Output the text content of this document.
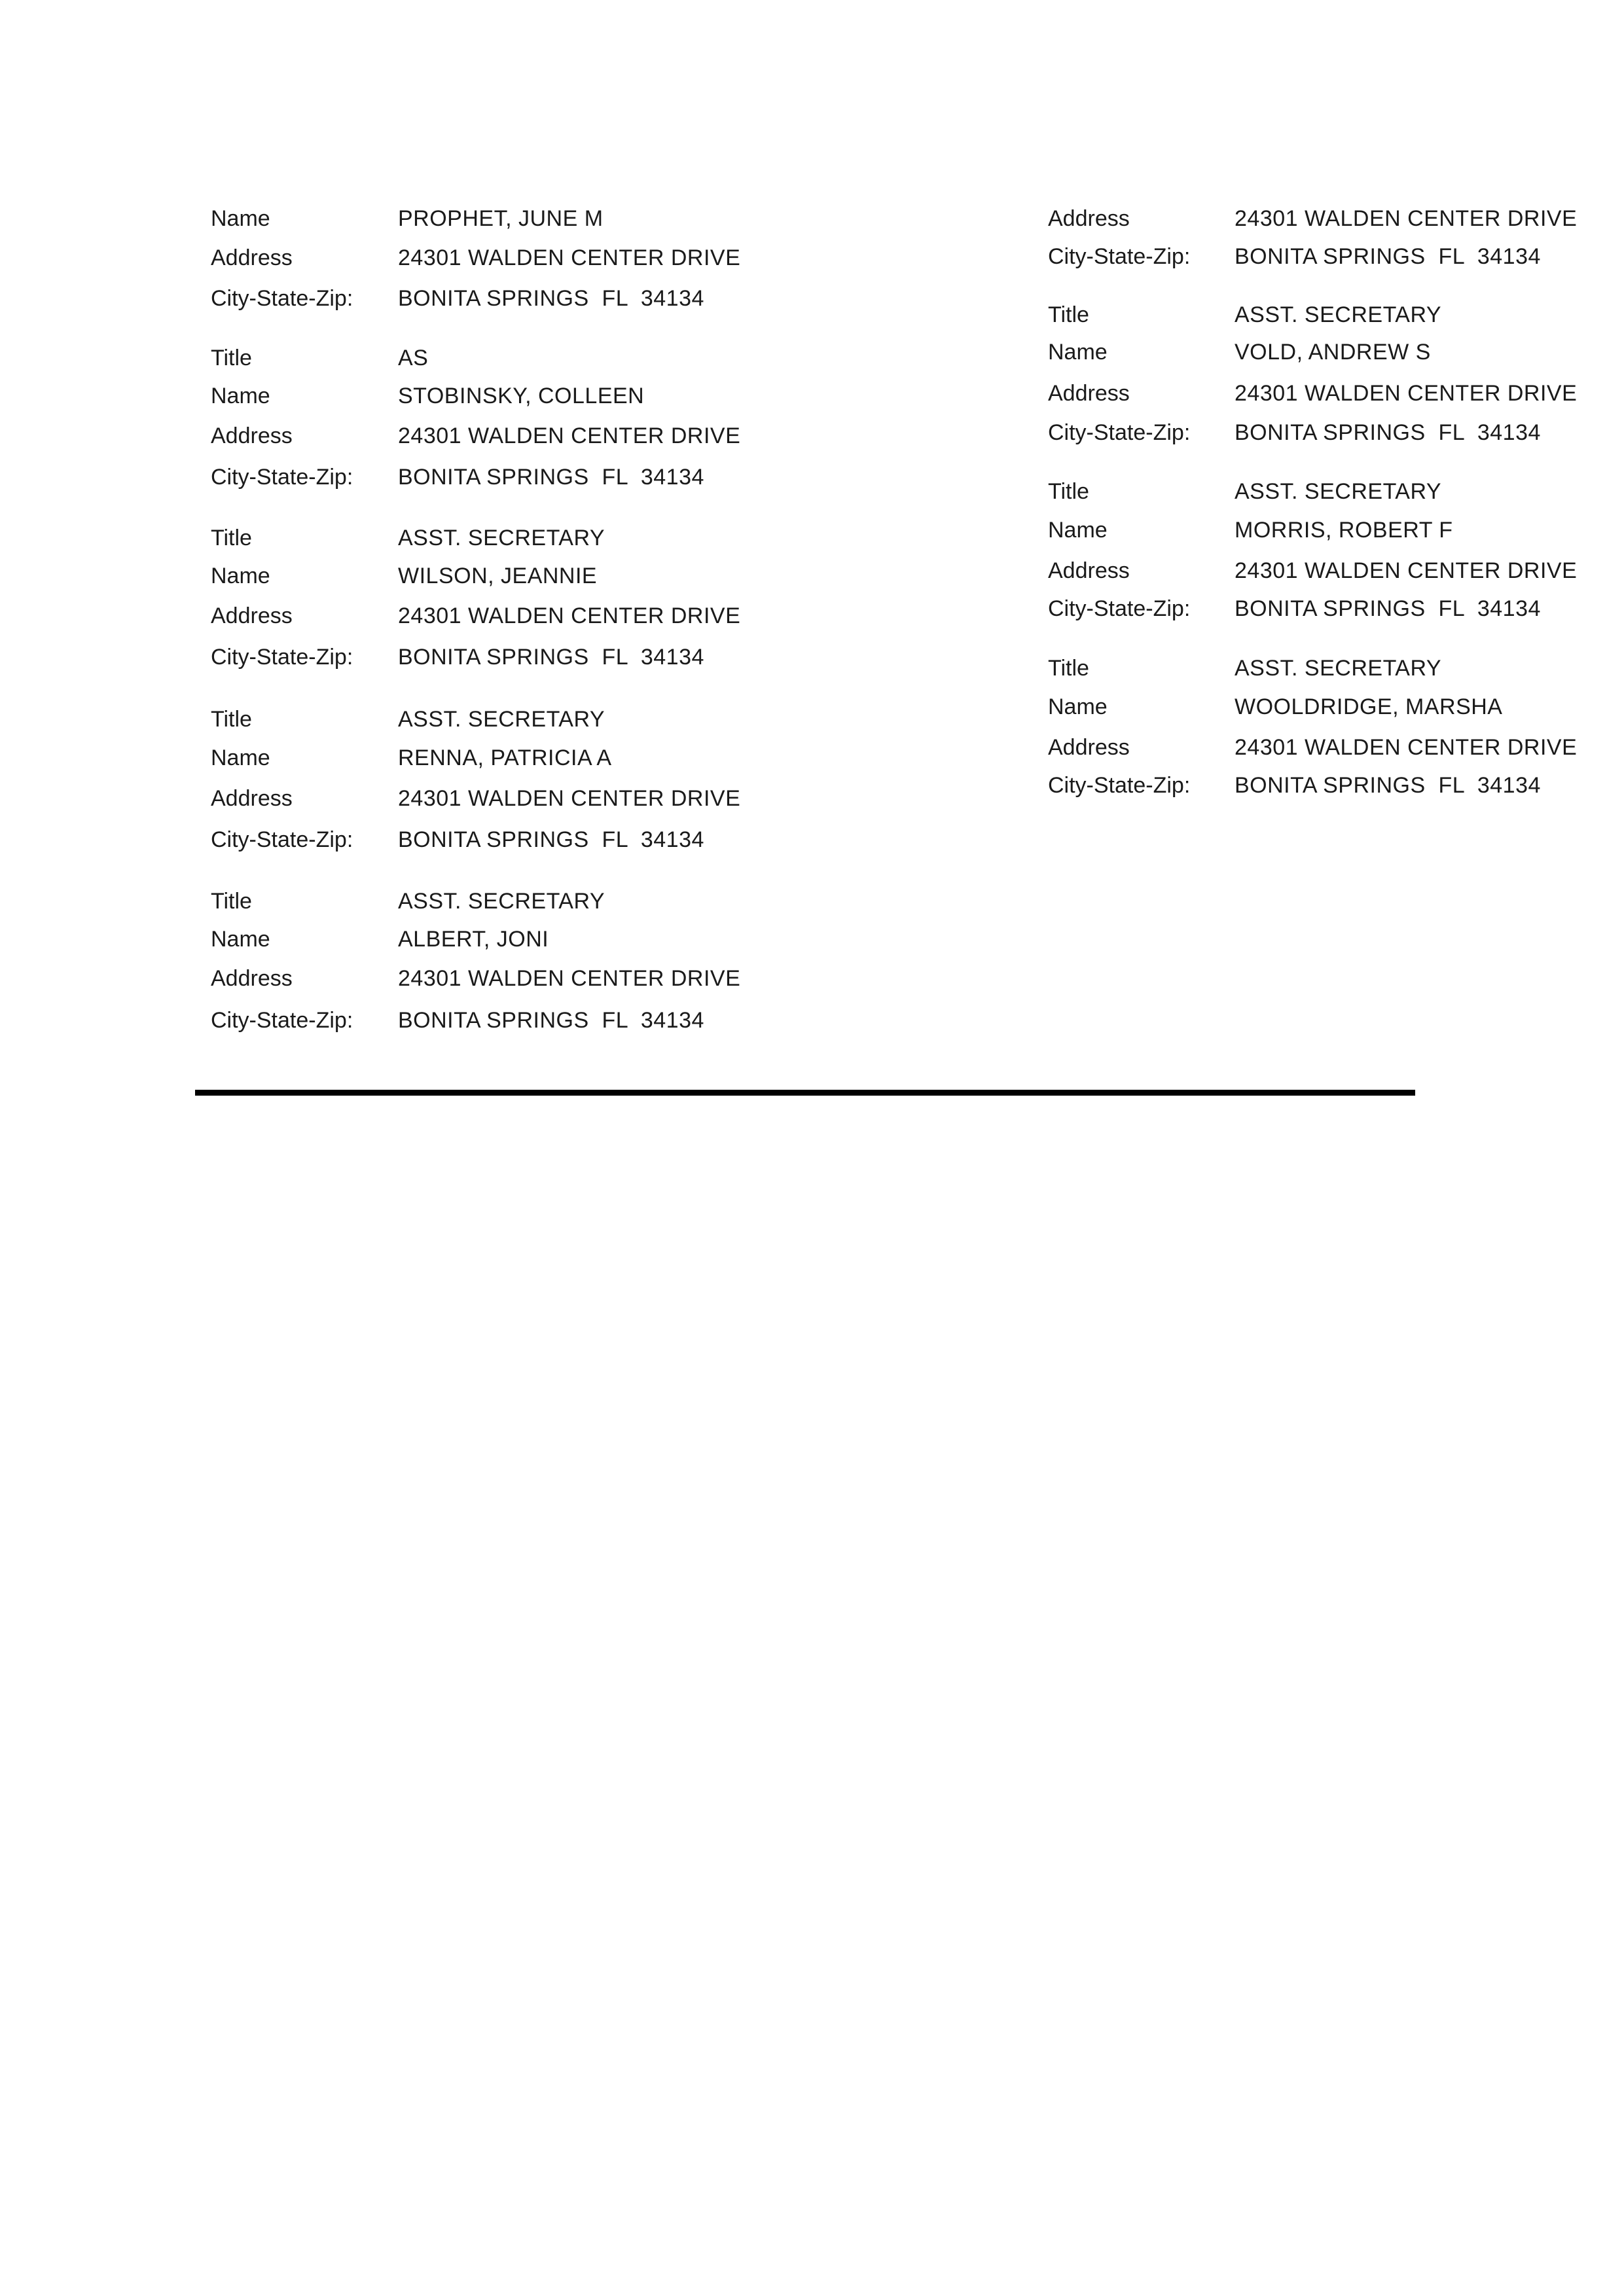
Name	PROPHET, JUNE M
Address	24301 WALDEN CENTER DRIVE
City-State-Zip: BONITA SPRINGS  FL  34134
Title	AS
Name	STOBINSKY, COLLEEN
Address	24301 WALDEN CENTER DRIVE
City-State-Zip: BONITA SPRINGS  FL  34134
Title	ASST. SECRETARY
Name	WILSON, JEANNIE
Address	24301 WALDEN CENTER DRIVE
City-State-Zip: BONITA SPRINGS  FL  34134
Title	ASST. SECRETARY
Name	RENNA, PATRICIA A
Address	24301 WALDEN CENTER DRIVE
City-State-Zip: BONITA SPRINGS  FL  34134
Title	ASST. SECRETARY
Name	ALBERT, JONI
Address	24301 WALDEN CENTER DRIVE
City-State-Zip: BONITA SPRINGS  FL  34134
Address	24301 WALDEN CENTER DRIVE
City-State-Zip: BONITA SPRINGS  FL  34134
Title	ASST. SECRETARY
Name	VOLD, ANDREW S
Address	24301 WALDEN CENTER DRIVE
City-State-Zip: BONITA SPRINGS  FL  34134
Title	ASST. SECRETARY
Name	MORRIS, ROBERT F
Address	24301 WALDEN CENTER DRIVE
City-State-Zip: BONITA SPRINGS  FL  34134
Title	ASST. SECRETARY
Name	WOOLDRIDGE, MARSHA
Address	24301 WALDEN CENTER DRIVE
City-State-Zip: BONITA SPRINGS  FL  34134
